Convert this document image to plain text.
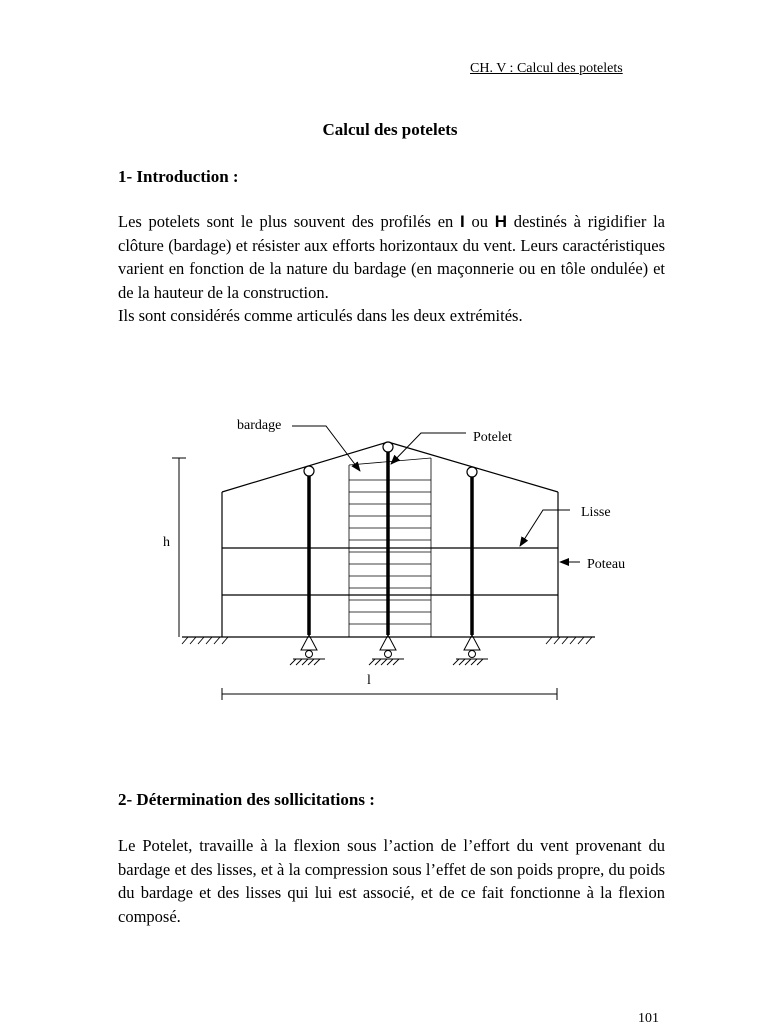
CH. V : Calcul des potelets
Calcul des potelets
1- Introduction :

Les potelets sont le plus souvent des profilés en I ou H destinés à rigidifier la clôture (bardage) et résister aux efforts horizontaux du vent. Leurs caractéristiques varient en fonction de la nature du bardage (en maçonnerie ou en tôle ondulée) et de la hauteur de la construction.

Ils sont considérés comme articulés dans les deux extrémités.

h
l
bardage
Potelet
Lisse
Poteau
2- Détermination des sollicitations :

Le Potelet, travaille à la flexion sous l’action de l’effort du vent provenant du bardage et des lisses, et à la compression sous l’effet de son poids propre, du poids du bardage et des lisses qui lui est associé, et de ce fait fonctionne à la flexion composé.

101
